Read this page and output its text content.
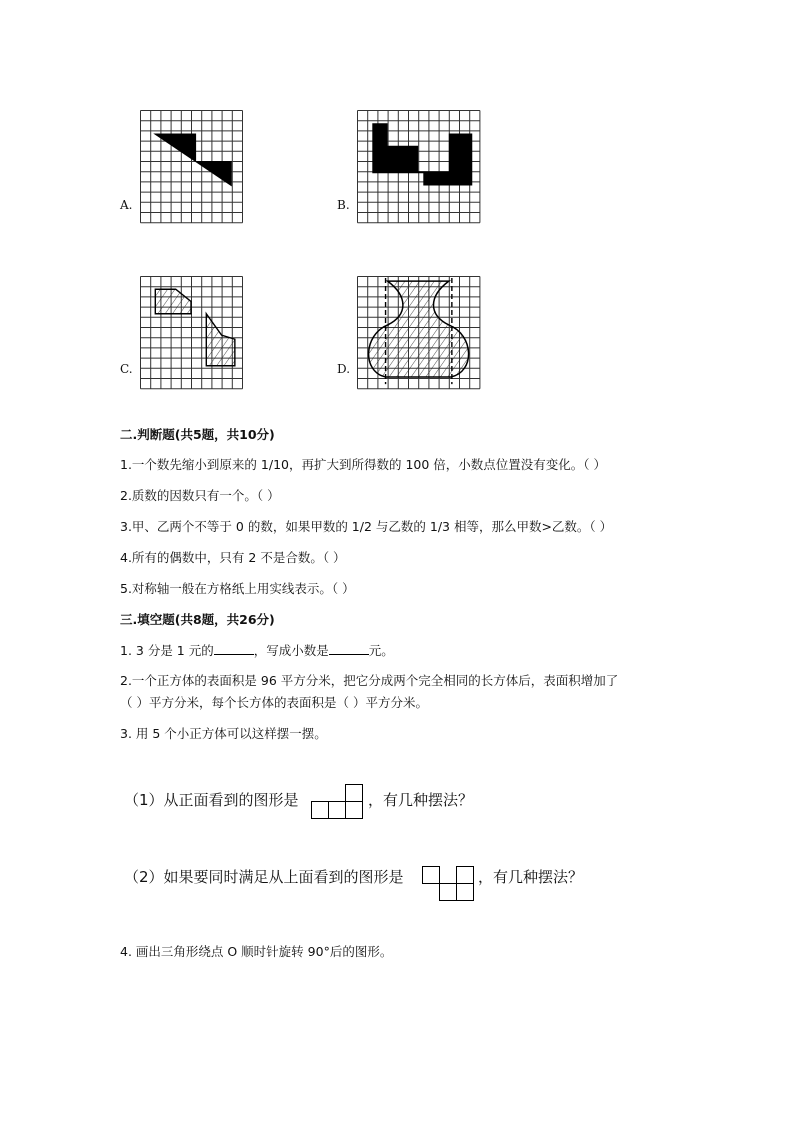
A.	B.
C.	D.
二.判断题(共5题，共10分)
1.一个数先缩小到原来的 1/10，再扩大到所得数的 100 倍，小数点位置没有变化。（ ）
2.质数的因数只有一个。（ ）
3.甲、乙两个不等于 0 的数，如果甲数的 1/2 与乙数的 1/3 相等，那么甲数>乙数。（ ）
4.所有的偶数中，只有 2 不是合数。（ ）
5.对称轴一般在方格纸上用实线表示。（ ）
三.填空题(共8题，共26分)
1. 3 分是 1 元的	，写成小数是	元。
2.一个正方体的表面积是 96 平方分米，把它分成两个完全相同的长方体后，表面积增加了
（ ）平方分米，每个长方体的表面积是（ ）平方分米。
3. 用 5 个小正方体可以这样摆一摆。
（1）从正面看到的图形是	，有几种摆法？
（2）如果要同时满足从上面看到的图形是	，有几种摆法？
4. 画出三角形绕点 O 顺时针旋转 90°后的图形。
